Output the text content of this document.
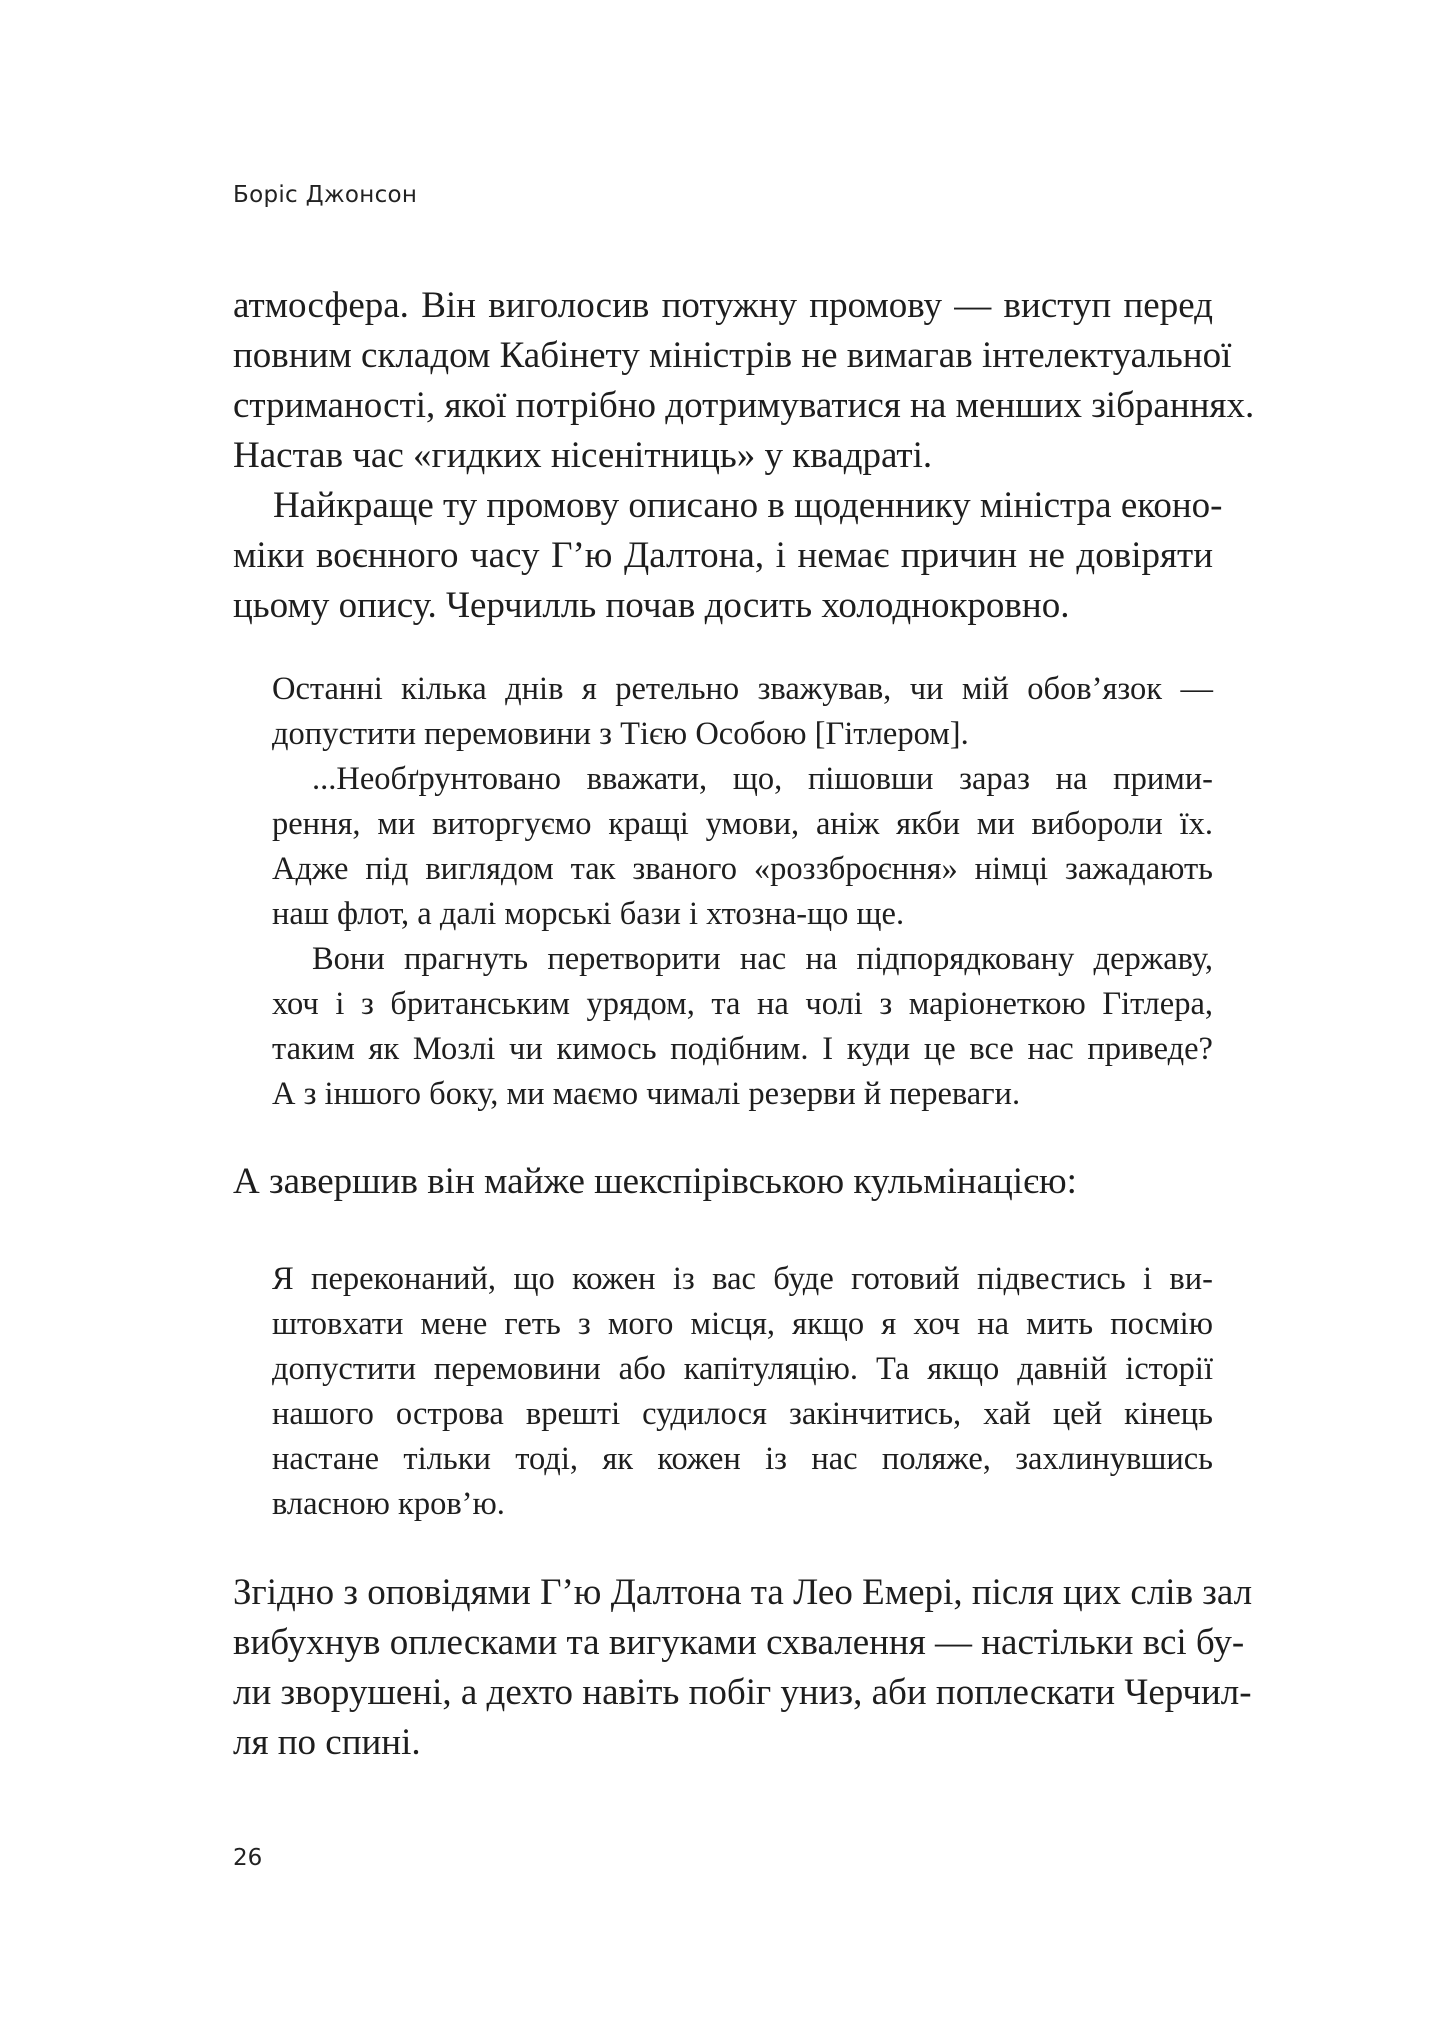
Боріс Джонсон
атмосфера. Він виголосив потужну промову — виступ перед
повним складом Кабінету міністрів не вимагав інтелектуальної
стриманості, якої потрібно дотримуватися на менших зібраннях.
Настав час «гидких нісенітниць» у квадраті.
Найкраще ту промову описано в щоденнику міністра еконо-
міки воєнного часу Г’ю Далтона, і немає причин не довіряти
цьому опису. Черчилль почав досить холоднокровно.
Останні кілька днів я ретельно зважував, чи мій обов’язок —
допустити перемовини з Тією Особою [Гітлером].
...Необґрунтовано вважати, що, пішовши зараз на прими-
рення, ми виторгуємо кращі умови, аніж якби ми вибороли їх.
Адже під виглядом так званого «роззброєння» німці зажадають
наш флот, а далі морські бази і хтозна-що ще.
Вони прагнуть перетворити нас на підпорядковану державу,
хоч і з британським урядом, та на чолі з маріонеткою Гітлера,
таким як Мозлі чи кимось подібним. І куди це все нас приведе?
А з іншого боку, ми маємо чималі резерви й переваги.
А завершив він майже шекспірівською кульмінацією:
Я переконаний, що кожен із вас буде готовий підвестись і ви-
штовхати мене геть з мого місця, якщо я хоч на мить посмію
допустити перемовини або капітуляцію. Та якщо давній історії
нашого острова врешті судилося закінчитись, хай цей кінець
настане тільки тоді, як кожен із нас поляже, захлинувшись
власною кров’ю.
Згідно з оповідями Г’ю Далтона та Лео Емері, після цих слів зал
вибухнув оплесками та вигуками схвалення — настільки всі бу-
ли зворушені, а дехто навіть побіг униз, аби поплескати Черчил-
ля по спині.
26
